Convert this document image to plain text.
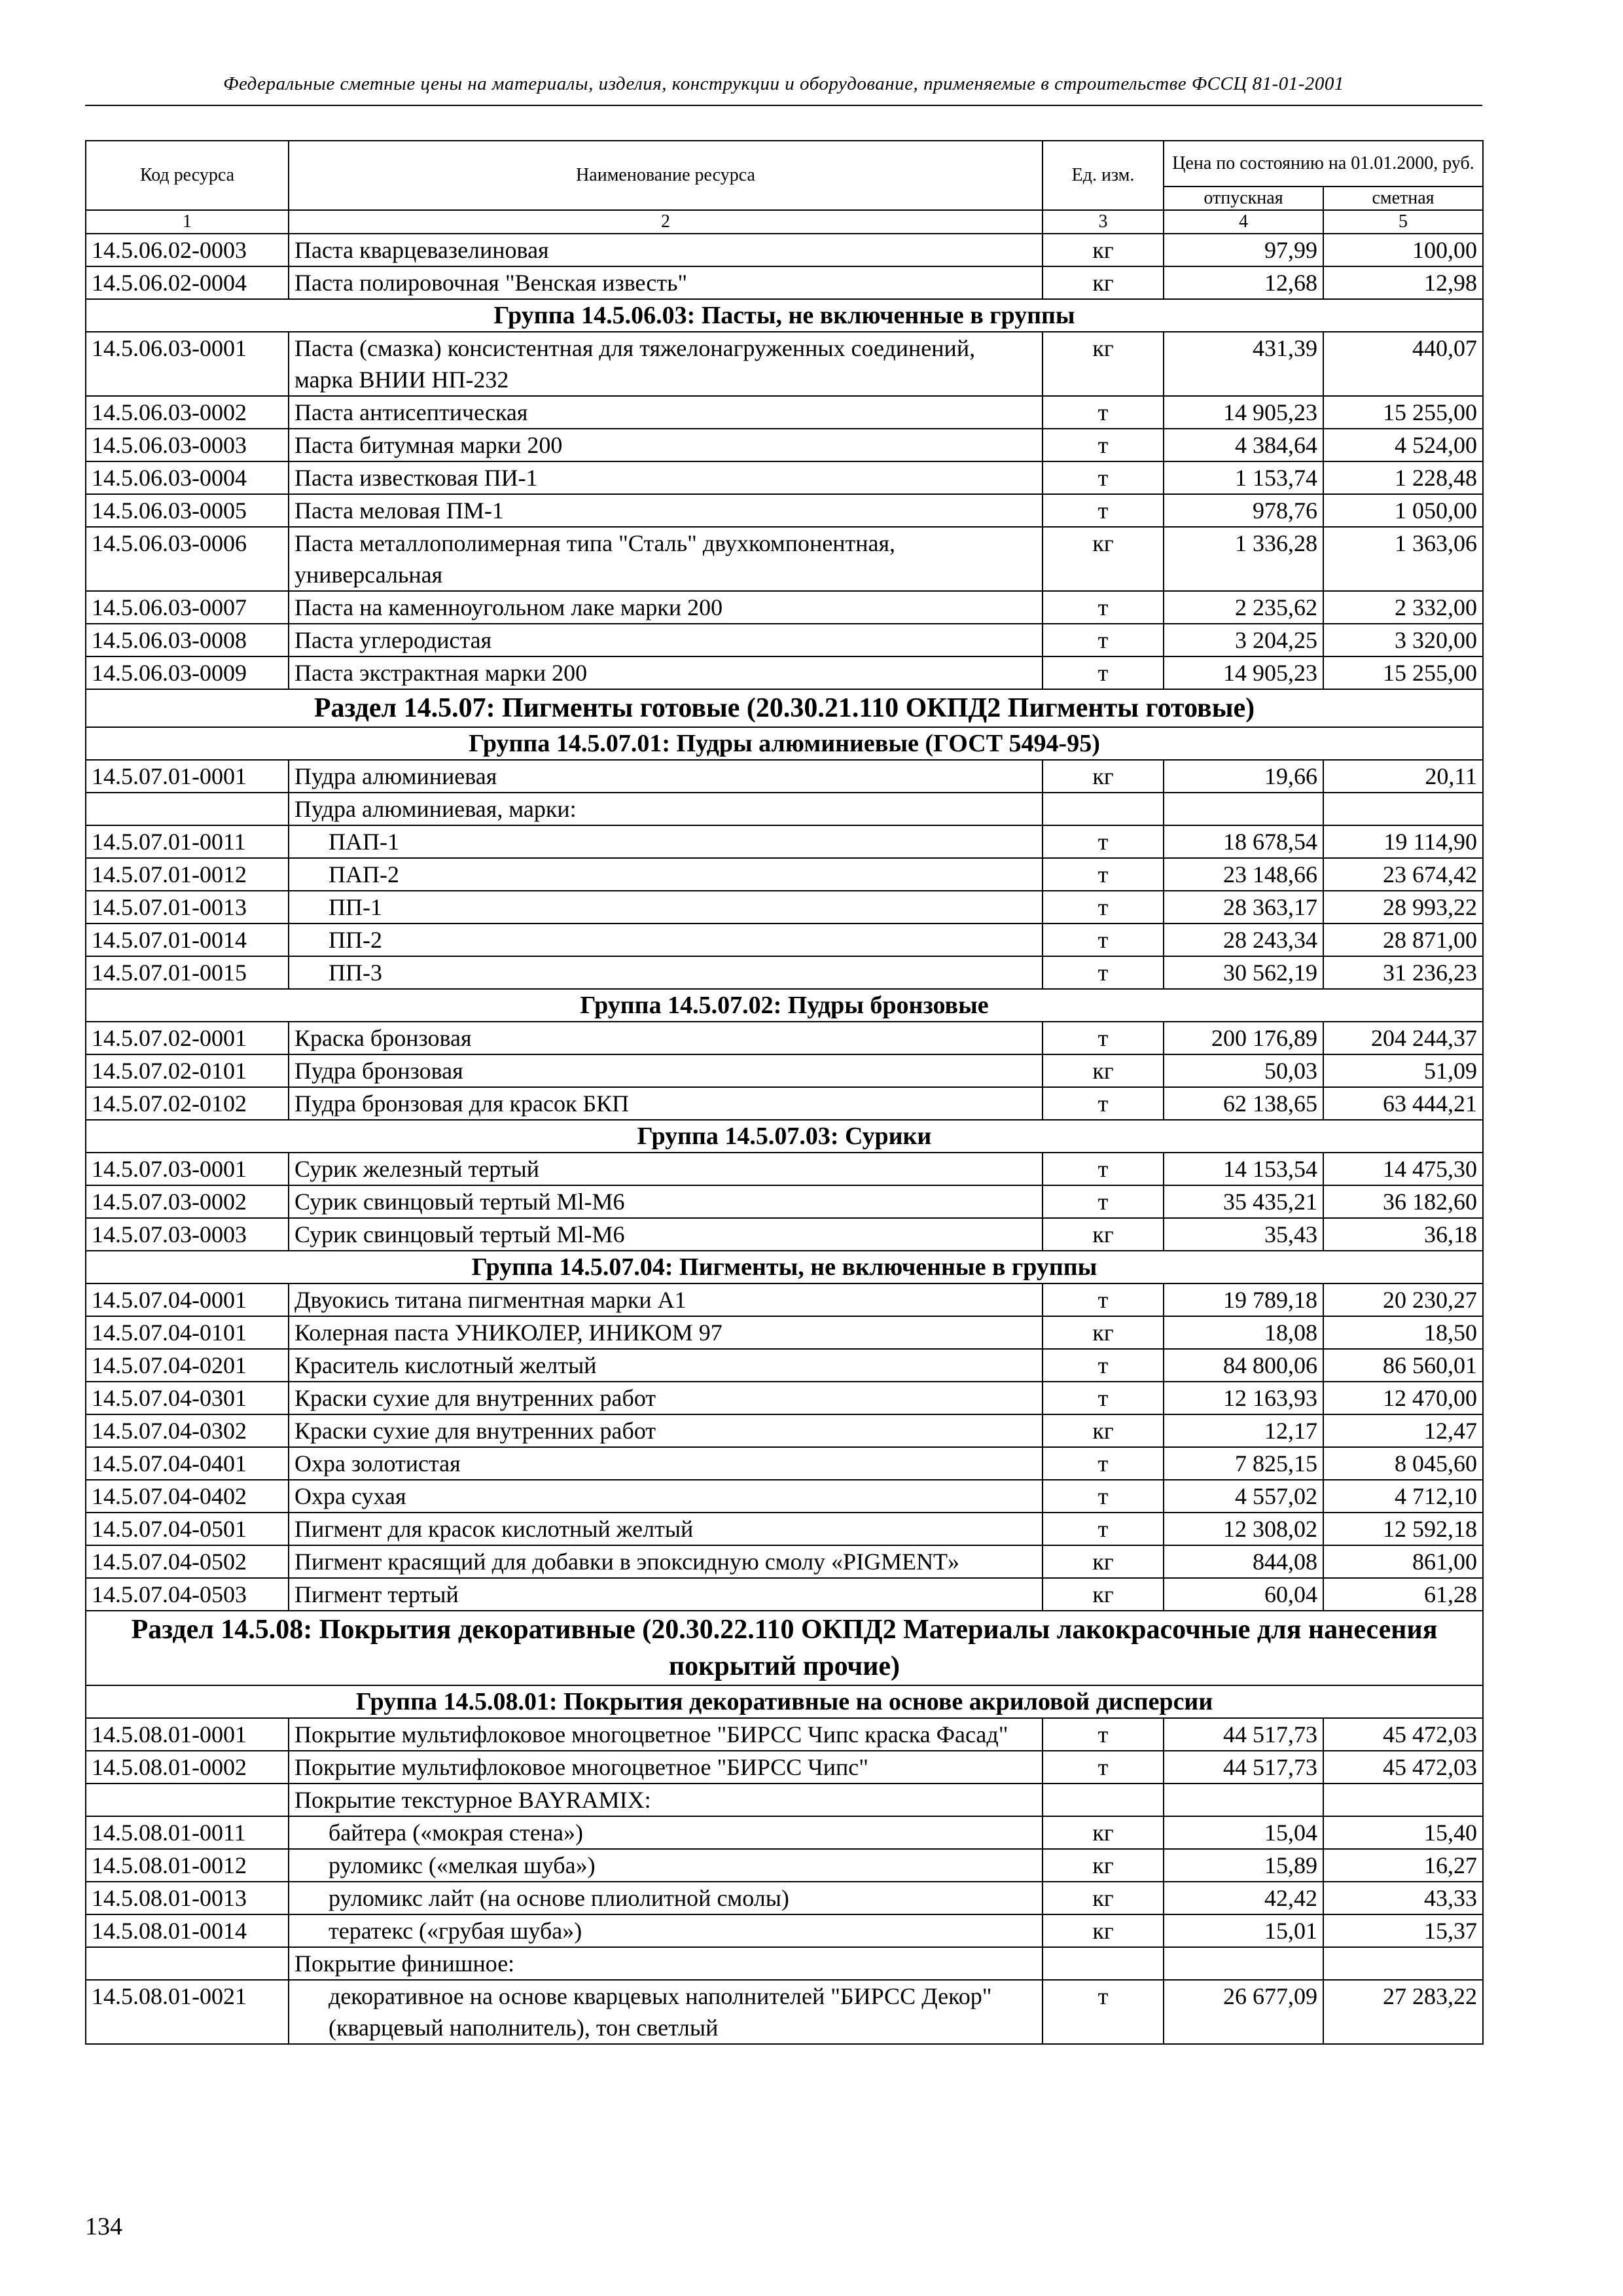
Федеральные сметные цены на материалы, изделия, конструкции и оборудование, применяемые в строительстве ФССЦ 81-01-2001
Код ресурса	Наименование ресурса	Ед. изм.	Цена по состоянию на 01.01.2000, руб.	
			отпускная	сметная
1	2	3	4	5
14.5.06.02-0003	Паста кварцевазелиновая	кг	97,99	100,00
14.5.06.02-0004	Паста полировочная "Венская известь"	кг	12,68	12,98
Группа 14.5.06.03: Пасты, не включенные в группы				
14.5.06.03-0001	Паста (смазка) консистентная для тяжелонагруженных соединений, марка ВНИИ НП-232	кг	431,39	440,07
14.5.06.03-0002	Паста антисептическая	т	14 905,23	15 255,00
14.5.06.03-0003	Паста битумная марки 200	т	4 384,64	4 524,00
14.5.06.03-0004	Паста известковая ПИ-1	т	1 153,74	1 228,48
14.5.06.03-0005	Паста меловая ПМ-1	т	978,76	1 050,00
14.5.06.03-0006	Паста металлополимерная типа "Сталь" двухкомпонентная, универсальная	кг	1 336,28	1 363,06
14.5.06.03-0007	Паста на каменноугольном лаке марки 200	т	2 235,62	2 332,00
14.5.06.03-0008	Паста углеродистая	т	3 204,25	3 320,00
14.5.06.03-0009	Паста экстрактная марки 200	т	14 905,23	15 255,00
Раздел 14.5.07: Пигменты готовые (20.30.21.110 ОКПД2 Пигменты готовые)				
Группа 14.5.07.01: Пудры алюминиевые (ГОСТ 5494-95)				
14.5.07.01-0001	Пудра алюминиевая	кг	19,66	20,11
	Пудра алюминиевая, марки:			
14.5.07.01-0011	ПАП-1	т	18 678,54	19 114,90
14.5.07.01-0012	ПАП-2	т	23 148,66	23 674,42
14.5.07.01-0013	ПП-1	т	28 363,17	28 993,22
14.5.07.01-0014	ПП-2	т	28 243,34	28 871,00
14.5.07.01-0015	ПП-3	т	30 562,19	31 236,23
Группа 14.5.07.02: Пудры бронзовые				
14.5.07.02-0001	Краска бронзовая	т	200 176,89	204 244,37
14.5.07.02-0101	Пудра бронзовая	кг	50,03	51,09
14.5.07.02-0102	Пудра бронзовая для красок БКП	т	62 138,65	63 444,21
Группа 14.5.07.03: Сурики				
14.5.07.03-0001	Сурик железный тертый	т	14 153,54	14 475,30
14.5.07.03-0002	Сурик свинцовый тертый Ml-M6	т	35 435,21	36 182,60
14.5.07.03-0003	Сурик свинцовый тертый Ml-M6	кг	35,43	36,18
Группа 14.5.07.04: Пигменты, не включенные в группы				
14.5.07.04-0001	Двуокись титана пигментная марки А1	т	19 789,18	20 230,27
14.5.07.04-0101	Колерная паста УНИКОЛЕР, ИНИКОМ 97	кг	18,08	18,50
14.5.07.04-0201	Краситель кислотный желтый	т	84 800,06	86 560,01
14.5.07.04-0301	Краски сухие для внутренних работ	т	12 163,93	12 470,00
14.5.07.04-0302	Краски сухие для внутренних работ	кг	12,17	12,47
14.5.07.04-0401	Охра золотистая	т	7 825,15	8 045,60
14.5.07.04-0402	Охра сухая	т	4 557,02	4 712,10
14.5.07.04-0501	Пигмент для красок кислотный желтый	т	12 308,02	12 592,18
14.5.07.04-0502	Пигмент красящий для добавки в эпоксидную смолу «PIGMENT»	кг	844,08	861,00
14.5.07.04-0503	Пигмент тертый	кг	60,04	61,28
Раздел 14.5.08: Покрытия декоративные (20.30.22.110 ОКПД2 Материалы лакокрасочные для нанесения покрытий прочие)				
Группа 14.5.08.01: Покрытия декоративные на основе акриловой дисперсии				
14.5.08.01-0001	Покрытие мультифлоковое многоцветное "БИРСС Чипс краска Фасад"	т	44 517,73	45 472,03
14.5.08.01-0002	Покрытие мультифлоковое многоцветное "БИРСС Чипс"	т	44 517,73	45 472,03
	Покрытие текстурное BAYRAMIX:			
14.5.08.01-0011	байтера («мокрая стена»)	кг	15,04	15,40
14.5.08.01-0012	руломикс («мелкая шуба»)	кг	15,89	16,27
14.5.08.01-0013	руломикс лайт (на основе плиолитной смолы)	кг	42,42	43,33
14.5.08.01-0014	тератекс («грубая шуба»)	кг	15,01	15,37
	Покрытие финишное:			
14.5.08.01-0021	декоративное на основе кварцевых наполнителей "БИРСС Декор" (кварцевый наполнитель), тон светлый	т	26 677,09	27 283,22
134
